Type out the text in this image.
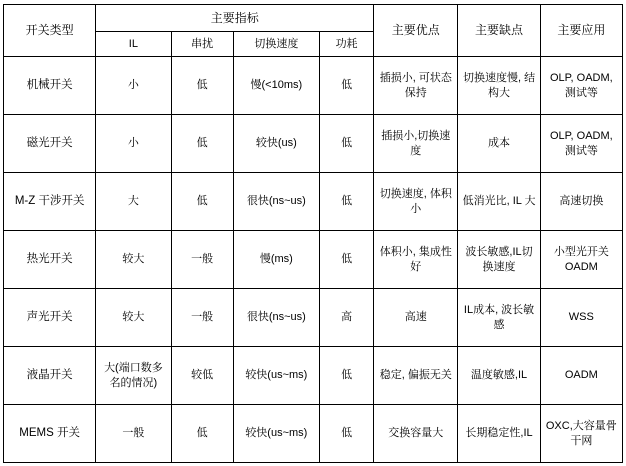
开关类型	主要指标				主要优点	主要缺点	主要应用
	IL	串扰	切换速度	功耗			
机械开关	小	低	慢(<10ms)	低	插损小, 可状态保持	切换速度慢, 结构大	OLP, OADM, 测试等
磁光开关	小	低	较快(us)	低	插损小,切换速度	成本	OLP, OADM, 测试等
M-Z 干涉开关	大	低	很快(ns~us)	低	切换速度, 体积小	低消光比, IL 大	高速切换
热光开关	较大	一般	慢(ms)	低	体积小, 集成性好	波长敏感,IL切换速度	小型光开关 OADM
声光开关	较大	一般	很快(ns~us)	高	高速	IL成本, 波长敏感	WSS
液晶开关	大(端口数多名的情况)	较低	较快(us~ms)	低	稳定, 偏振无关	温度敏感,IL	OADM
MEMS 开关	一般	低	较快(us~ms)	低	交换容量大	长期稳定性,IL	OXC,大容量骨干网
